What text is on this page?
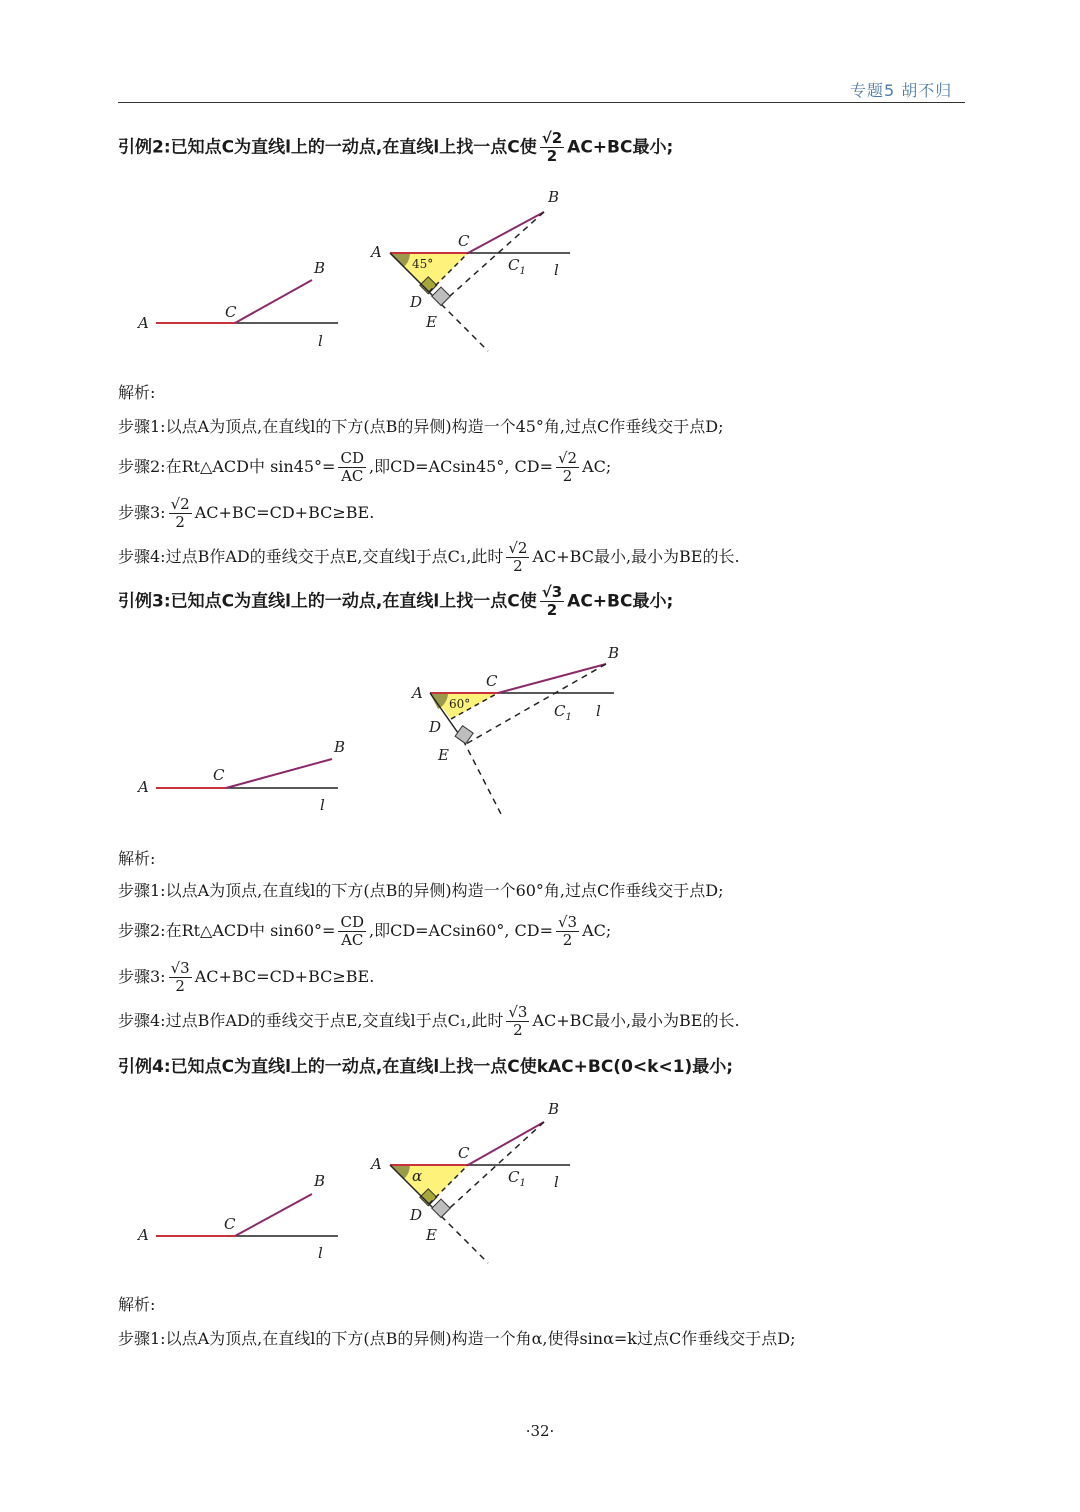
专题5 胡不归
引例2:已知点C为直线l上的一动点,在直线l上找一点C使 $\frac{√2}{2} AC+BC$最小;
A
C
B
l
A
C
B
$C_1$ l
D
E
45°
解析:
步骤1:以点A为顶点,在直线l的下方(点B的异侧)构造一个45°角,过点C作垂线交于点D;
步骤2:在Rt△ACD中 $\sin 45^\circ= \frac{CD}{AC}$ ,即CD=ACsin45°, $CD= \frac{√2}{2}$ AC;
步骤3: $\frac{√2}{2} AC+BC=CD+BC\ge BE$.
步骤4:过点B作AD的垂线交于点E,交直线l于点C₁,此时 $\frac{√2}{2} AC+BC$最小,最小为BE的长.
引例3:已知点C为直线l上的一动点,在直线l上找一点C使 $\frac{√3}{2} AC+BC$最小;
A
C
B
l
A
C
B
$C_1$ l
D
E
60°
解析:
步骤1:以点A为顶点,在直线l的下方(点B的异侧)构造一个60°角,过点C作垂线交于点D;
步骤2:在Rt△ACD中 $\sin 60^\circ= \frac{CD}{AC}$ ,即CD=ACsin60°, $CD= \frac{√3}{2}$ AC;
步骤3: $\frac{√3}{2} AC+BC=CD+BC\ge BE$.
步骤4:过点B作AD的垂线交于点E,交直线l于点C₁,此时 $\frac{√3}{2} AC+BC$最小,最小为BE的长.
引例4:已知点C为直线l上的一动点,在直线l上找一点C使kAC+BC(0<k<1)最小;
A
C
B
l
A
C
B
$C_1$ l
D
E
α
解析:
步骤1:以点A为顶点,在直线l的下方(点B的异侧)构造一个角α,使得sinα=k过点C作垂线交于点D;
·32·
